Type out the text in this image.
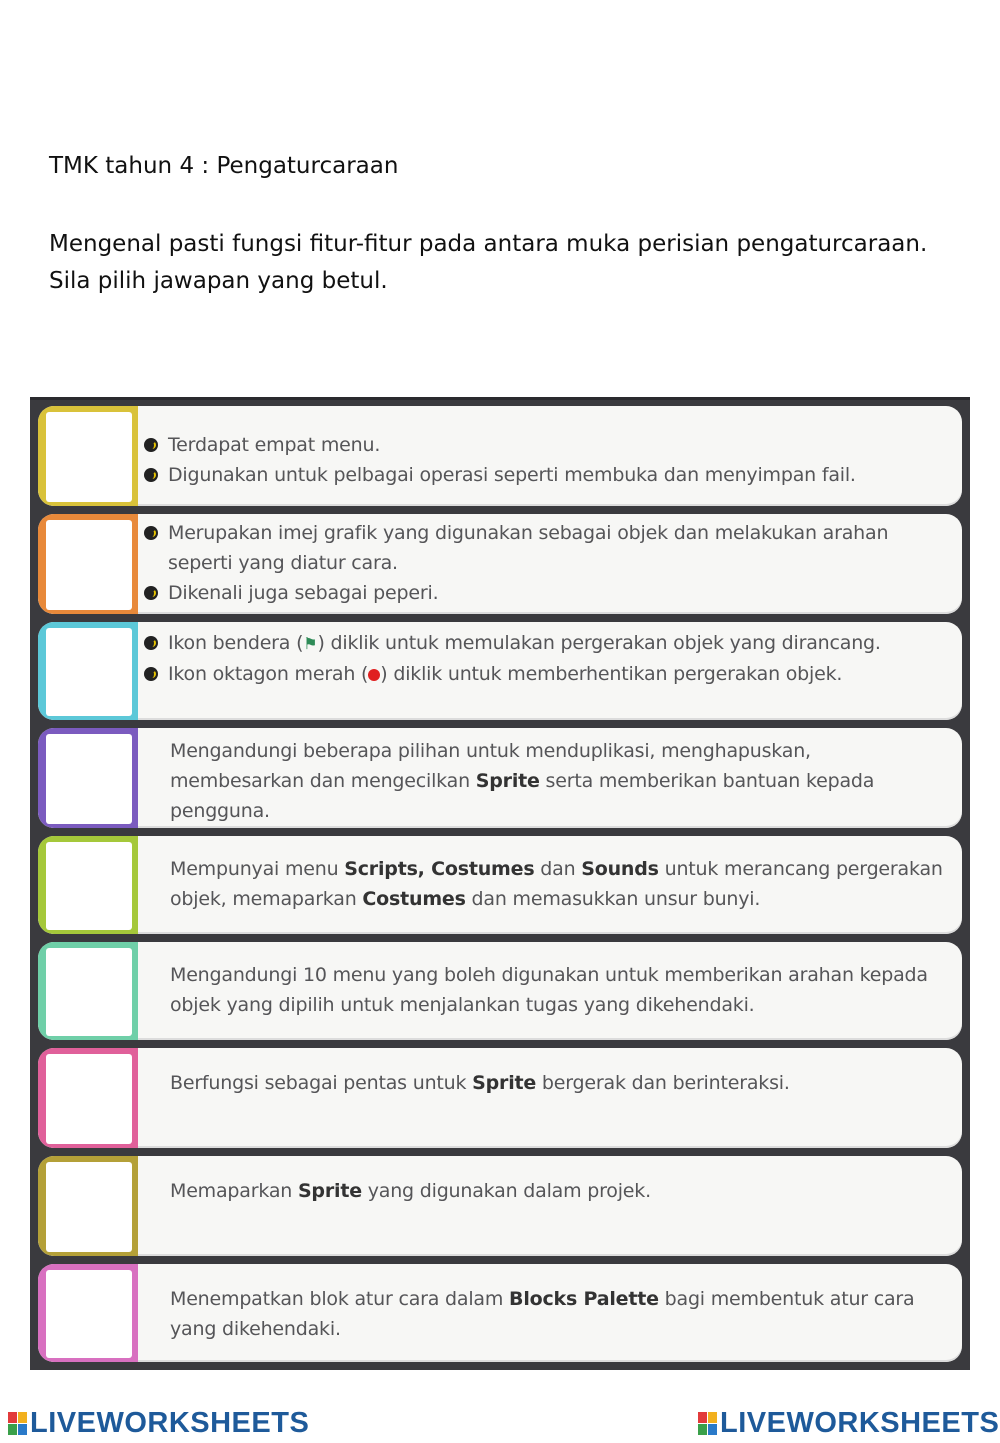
TMK tahun 4 : Pengaturcaraan
Mengenal pasti fungsi fitur-fitur pada antara muka perisian pengaturcaraan.
Sila pilih jawapan yang betul.
Terdapat empat menu.
Digunakan untuk pelbagai operasi seperti membuka dan menyimpan fail.
Merupakan imej grafik yang digunakan sebagai objek dan melakukan arahan seperti yang diatur cara.
Dikenali juga sebagai peperi.
Ikon bendera (⚑) diklik untuk memulakan pergerakan objek yang dirancang.
Ikon oktagon merah ( ) diklik untuk memberhentikan pergerakan objek.
Mengandungi beberapa pilihan untuk menduplikasi, menghapuskan, membesarkan dan mengecilkan Sprite serta memberikan bantuan kepada pengguna.
Mempunyai menu Scripts, Costumes dan Sounds untuk merancang pergerakan objek, memaparkan Costumes dan memasukkan unsur bunyi.
Mengandungi 10 menu yang boleh digunakan untuk memberikan arahan kepada objek yang dipilih untuk menjalankan tugas yang dikehendaki.
Berfungsi sebagai pentas untuk Sprite bergerak dan berinteraksi.
Memaparkan Sprite yang digunakan dalam projek.
Menempatkan blok atur cara dalam Blocks Palette bagi membentuk atur cara yang dikehendaki.
LIVEWORKSHEETS	LIVEWORKSHEETS
